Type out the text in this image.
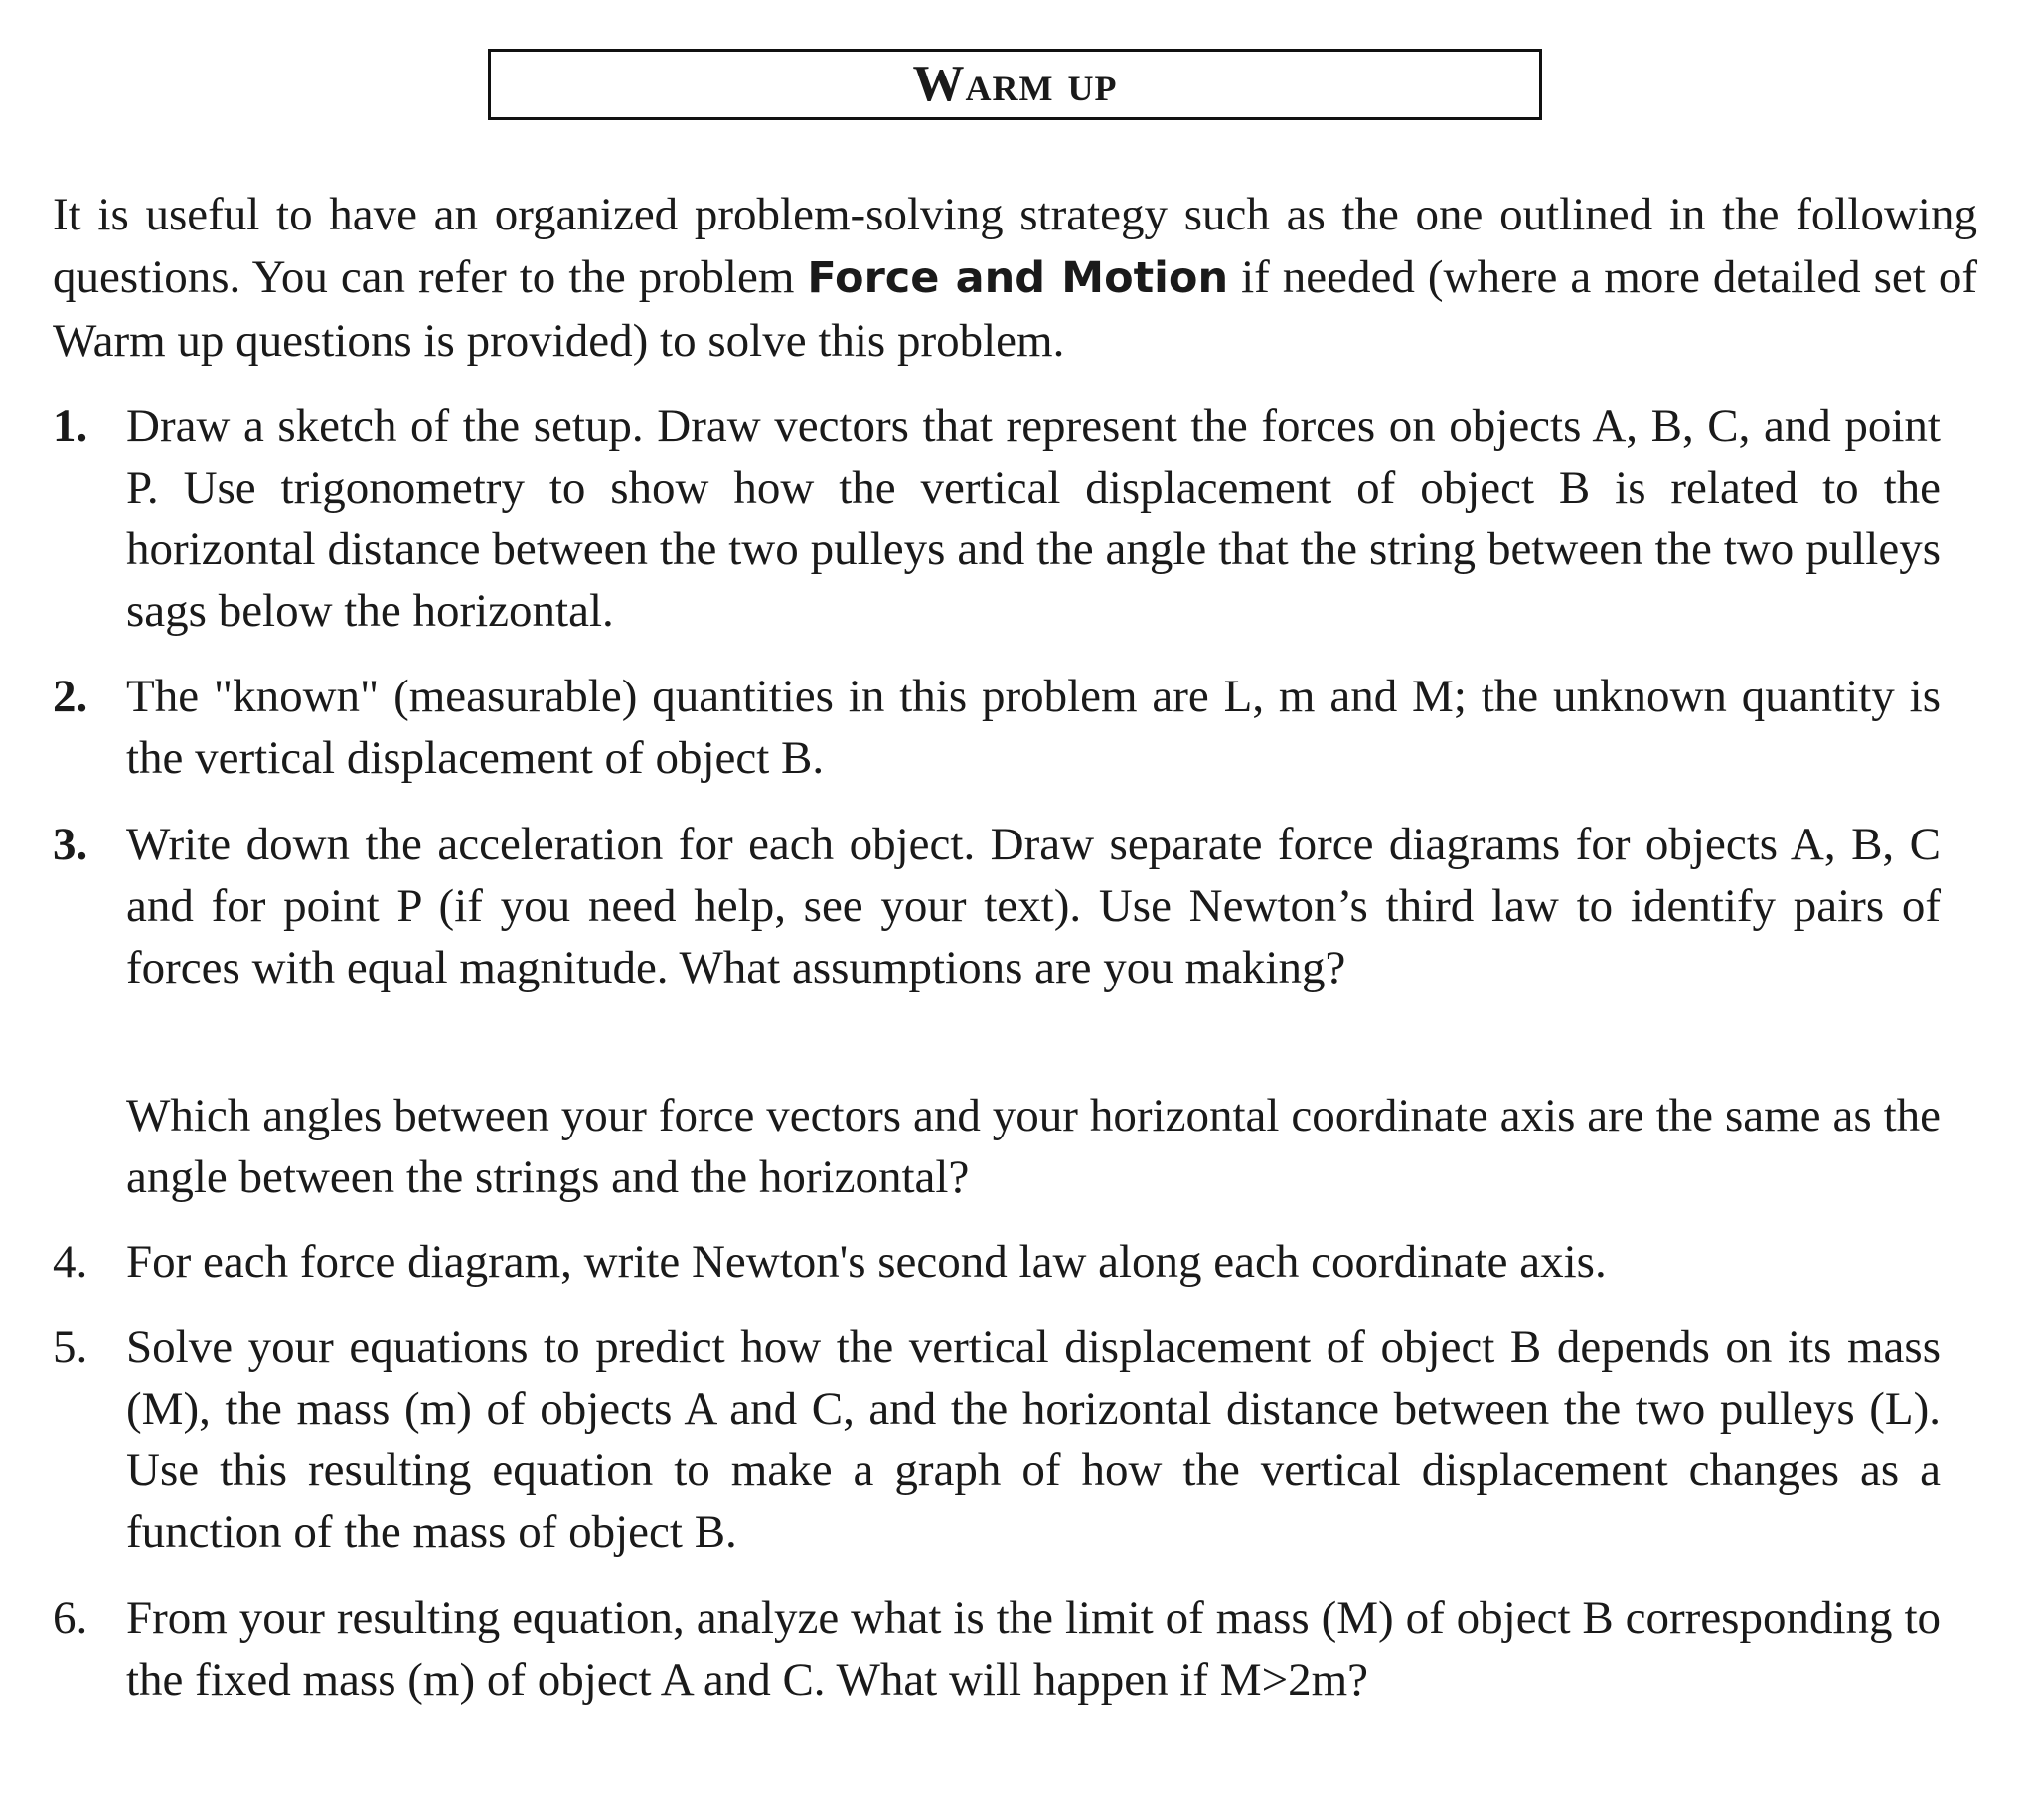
Warm up
It is useful to have an organized problem-solving strategy such as the one outlined in the following questions. You can refer to the problem Force and Motion if needed (where a more detailed set of Warm up questions is provided) to solve this problem.
1. Draw a sketch of the setup. Draw vectors that represent the forces on objects A, B, C, and point P. Use trigonometry to show how the vertical displacement of object B is related to the horizontal distance between the two pulleys and the angle that the string between the two pulleys sags below the horizontal.
2. The "known" (measurable) quantities in this problem are L, m and M; the unknown quantity is the vertical displacement of object B.
3. Write down the acceleration for each object. Draw separate force diagrams for objects A, B, C and for point P (if you need help, see your text). Use Newton’s third law to identify pairs of forces with equal magnitude. What assumptions are you making?
Which angles between your force vectors and your horizontal coordinate axis are the same as the angle between the strings and the horizontal?
4. For each force diagram, write Newton's second law along each coordinate axis.
5. Solve your equations to predict how the vertical displacement of object B depends on its mass (M), the mass (m) of objects A and C, and the horizontal distance between the two pulleys (L). Use this resulting equation to make a graph of how the vertical displacement changes as a function of the mass of object B.
6. From your resulting equation, analyze what is the limit of mass (M) of object B corresponding to the fixed mass (m) of object A and C. What will happen if M>2m?
